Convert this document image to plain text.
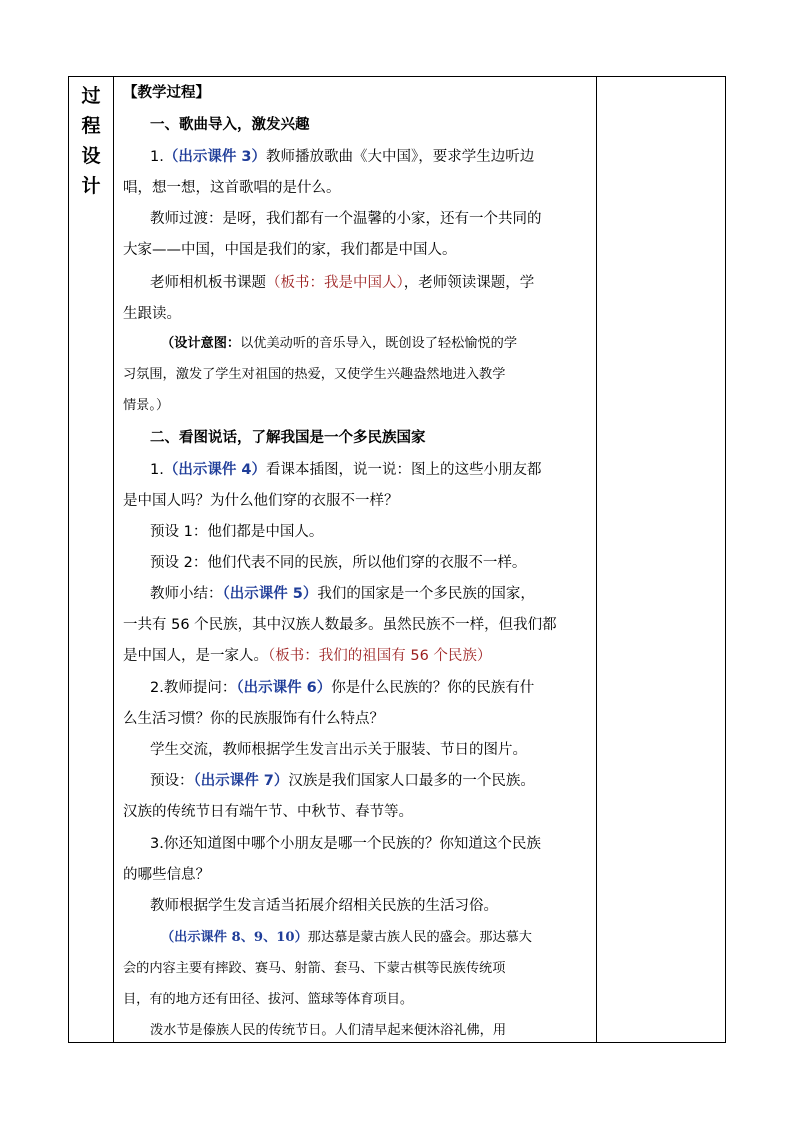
过
程
设
计
【教学过程】
一、歌曲导入，激发兴趣
1.（出示课件 3）教师播放歌曲《大中国》，要求学生边听边
唱，想一想，这首歌唱的是什么。
教师过渡：是呀，我们都有一个温馨的小家，还有一个共同的
大家——中国，中国是我们的家，我们都是中国人。
老师相机板书课题（板书：我是中国人），老师领读课题，学
生跟读。
（设计意图：以优美动听的音乐导入，既创设了轻松愉悦的学
习氛围，激发了学生对祖国的热爱，又使学生兴趣盎然地进入教学
情景。）
二、看图说话，了解我国是一个多民族国家
1.（出示课件 4）看课本插图，说一说：图上的这些小朋友都
是中国人吗？为什么他们穿的衣服不一样？
预设 1：他们都是中国人。
预设 2：他们代表不同的民族，所以他们穿的衣服不一样。
教师小结：（出示课件 5）我们的国家是一个多民族的国家，
一共有 56 个民族，其中汉族人数最多。虽然民族不一样，但我们都
是中国人，是一家人。（板书：我们的祖国有 56 个民族）
2.教师提问：（出示课件 6）你是什么民族的？你的民族有什
么生活习惯？你的民族服饰有什么特点？
学生交流，教师根据学生发言出示关于服装、节日的图片。
预设：（出示课件 7）汉族是我们国家人口最多的一个民族。
汉族的传统节日有端午节、中秋节、春节等。
3.你还知道图中哪个小朋友是哪一个民族的？你知道这个民族
的哪些信息？
教师根据学生发言适当拓展介绍相关民族的生活习俗。
（出示课件 8、9、10）那达慕是蒙古族人民的盛会。那达慕大
会的内容主要有摔跤、赛马、射箭、套马、下蒙古棋等民族传统项
目，有的地方还有田径、拔河、篮球等体育项目。
泼水节是傣族人民的传统节日。人们清早起来便沐浴礼佛，用
